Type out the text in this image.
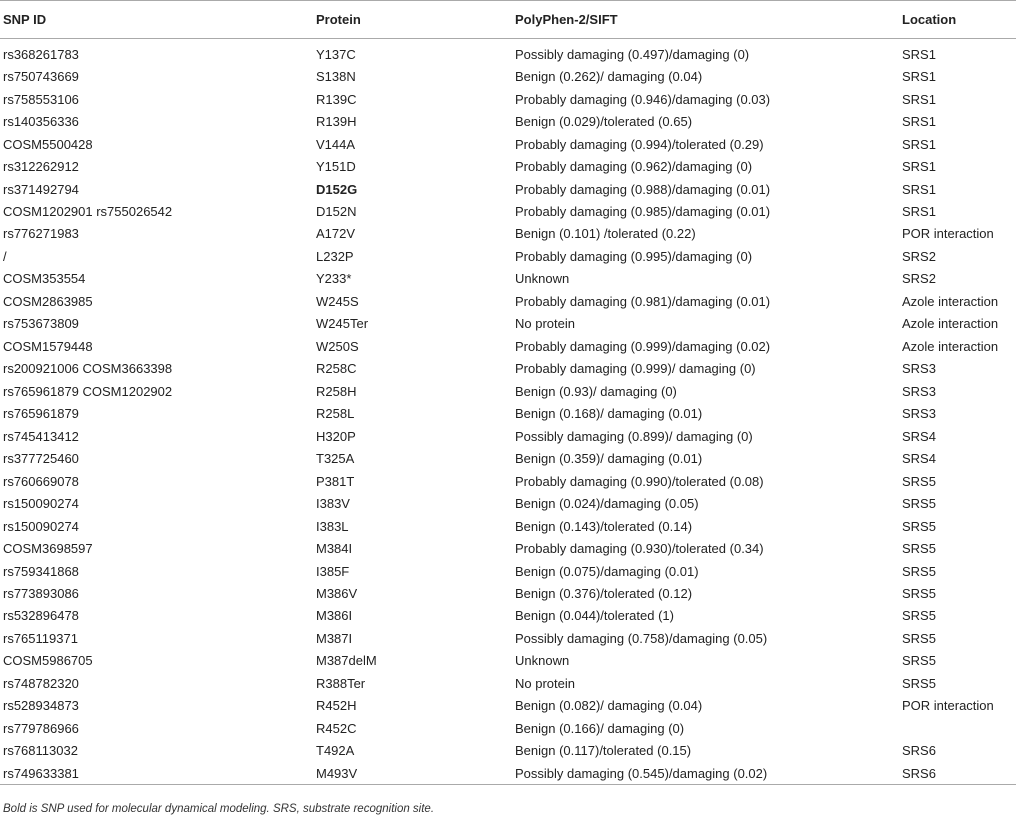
SNP ID	Protein	PolyPhen-2/SIFT	Location
rs368261783	Y137C	Possibly damaging (0.497)/damaging (0)	SRS1
rs750743669	S138N	Benign (0.262)/ damaging (0.04)	SRS1
rs758553106	R139C	Probably damaging (0.946)/damaging (0.03)	SRS1
rs140356336	R139H	Benign (0.029)/tolerated (0.65)	SRS1
COSM5500428	V144A	Probably damaging (0.994)/tolerated (0.29)	SRS1
rs312262912	Y151D	Probably damaging (0.962)/damaging (0)	SRS1
rs371492794	D152G	Probably damaging (0.988)/damaging (0.01)	SRS1
COSM1202901 rs755026542	D152N	Probably damaging (0.985)/damaging (0.01)	SRS1
rs776271983	A172V	Benign (0.101) /tolerated (0.22)	POR interaction
/	L232P	Probably damaging (0.995)/damaging (0)	SRS2
COSM353554	Y233*	Unknown	SRS2
COSM2863985	W245S	Probably damaging (0.981)/damaging (0.01)	Azole interaction
rs753673809	W245Ter	No protein	Azole interaction
COSM1579448	W250S	Probably damaging (0.999)/damaging (0.02)	Azole interaction
rs200921006 COSM3663398	R258C	Probably damaging (0.999)/ damaging (0)	SRS3
rs765961879 COSM1202902	R258H	Benign (0.93)/ damaging (0)	SRS3
rs765961879	R258L	Benign (0.168)/ damaging (0.01)	SRS3
rs745413412	H320P	Possibly damaging (0.899)/ damaging (0)	SRS4
rs377725460	T325A	Benign (0.359)/ damaging (0.01)	SRS4
rs760669078	P381T	Probably damaging (0.990)/tolerated (0.08)	SRS5
rs150090274	I383V	Benign (0.024)/damaging (0.05)	SRS5
rs150090274	I383L	Benign (0.143)/tolerated (0.14)	SRS5
COSM3698597	M384I	Probably damaging (0.930)/tolerated (0.34)	SRS5
rs759341868	I385F	Benign (0.075)/damaging (0.01)	SRS5
rs773893086	M386V	Benign (0.376)/tolerated (0.12)	SRS5
rs532896478	M386I	Benign (0.044)/tolerated (1)	SRS5
rs765119371	M387I	Possibly damaging (0.758)/damaging (0.05)	SRS5
COSM5986705	M387delM	Unknown	SRS5
rs748782320	R388Ter	No protein	SRS5
rs528934873	R452H	Benign (0.082)/ damaging (0.04)	POR interaction
rs779786966	R452C	Benign (0.166)/ damaging (0)	
rs768113032	T492A	Benign (0.117)/tolerated (0.15)	SRS6
rs749633381	M493V	Possibly damaging (0.545)/damaging (0.02)	SRS6
Bold is SNP used for molecular dynamical modeling. SRS, substrate recognition site.
